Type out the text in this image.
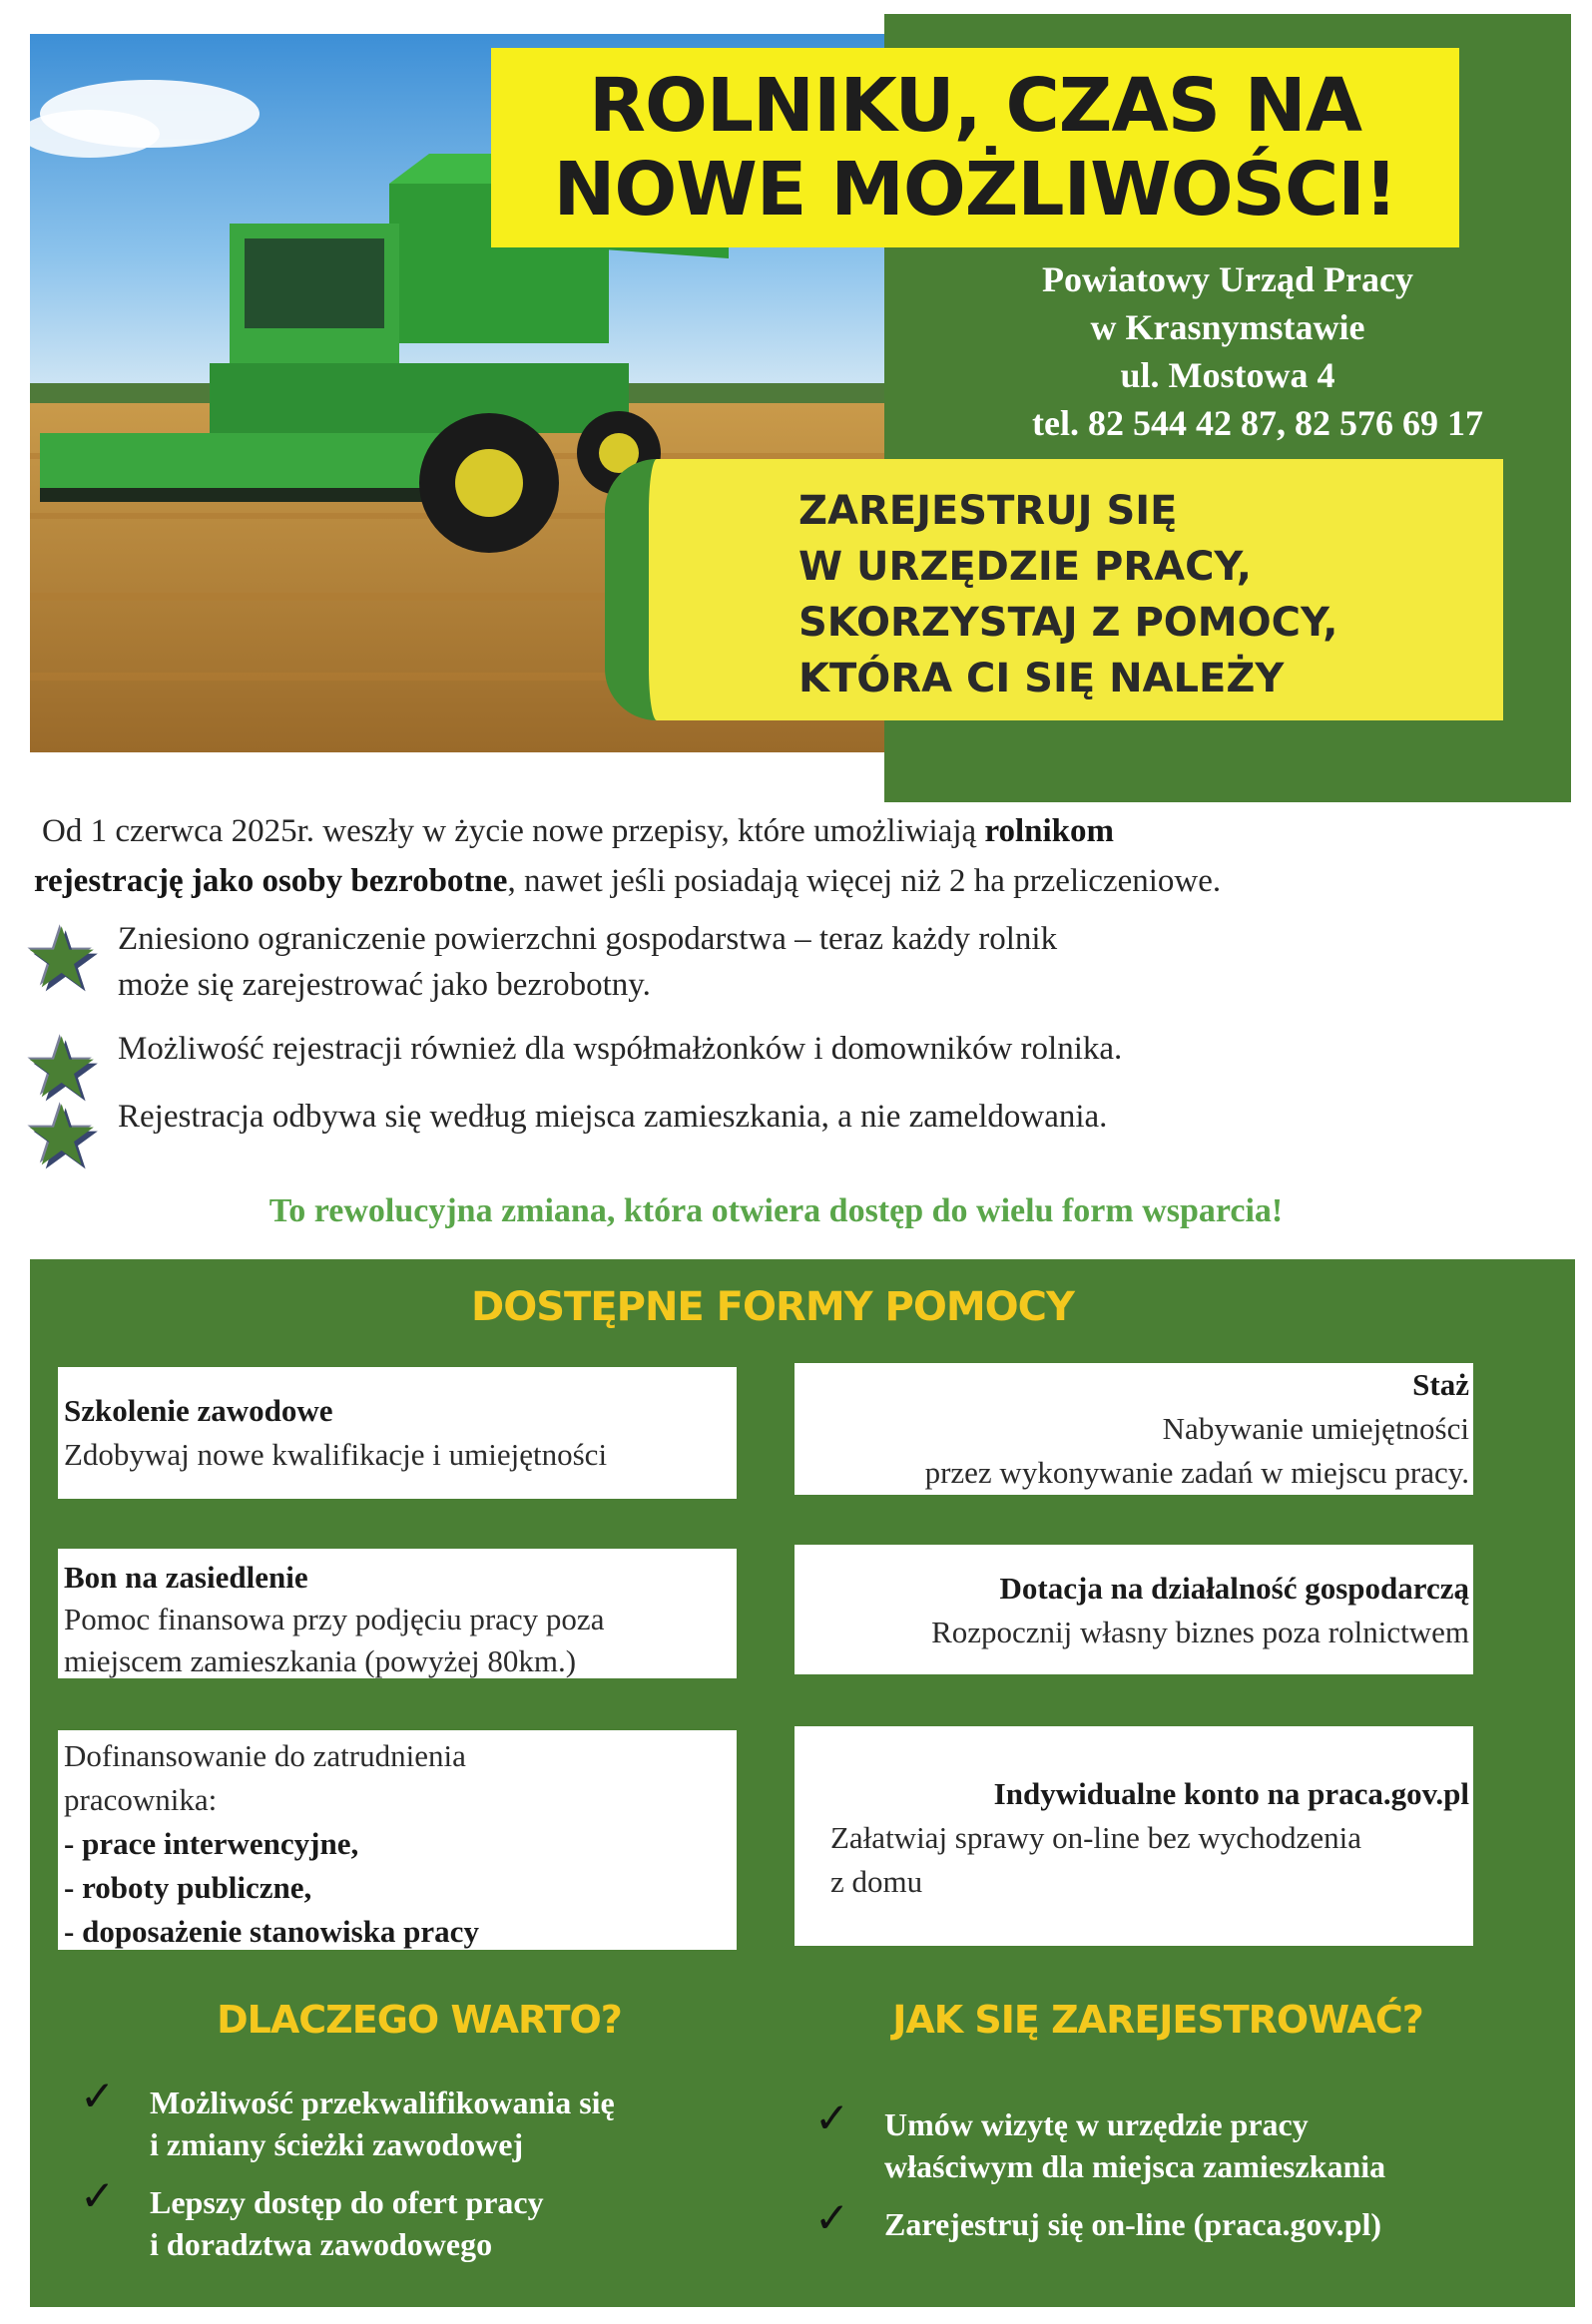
ROLNIKU, CZAS NA
NOWE MOŻLIWOŚCI!
Powiatowy Urząd Pracy
w Krasnymstawie
ul. Mostowa 4
tel. 82 544 42 87, 82 576 69 17
ZAREJESTRUJ SIĘ
W URZĘDZIE PRACY,
SKORZYSTAJ Z POMOCY,
KTÓRA CI SIĘ NALEŻY
Od 1 czerwca 2025r. weszły w życie nowe przepisy, które umożliwiają rolnikom
rejestrację jako osoby bezrobotne, nawet jeśli posiadają więcej niż 2 ha przeliczeniowe.
★ Zniesiono ograniczenie powierzchni gospodarstwa – teraz każdy rolnik
może się zarejestrować jako bezrobotny.
★ Możliwość rejestracji również dla współmałżonków i domowników rolnika.
★ Rejestracja odbywa się według miejsca zamieszkania, a nie zameldowania.
To rewolucyjna zmiana, która otwiera dostęp do wielu form wsparcia!
DOSTĘPNE FORMY POMOCY
Szkolenie zawodowe
Zdobywaj nowe kwalifikacje i umiejętności
Staż
Nabywanie umiejętności
przez wykonywanie zadań w miejscu pracy.
Bon na zasiedlenie
Pomoc finansowa przy podjęciu pracy poza
miejscem zamieszkania (powyżej 80km.)
Dotacja na działalność gospodarczą
Rozpocznij własny biznes poza rolnictwem
Dofinansowanie do zatrudnienia
pracownika:
- prace interwencyjne,
- roboty publiczne,
- doposażenie stanowiska pracy
Indywidualne konto na praca.gov.pl
Załatwiaj sprawy on-line bez wychodzenia
z domu
DLACZEGO WARTO?	JAK SIĘ ZAREJESTROWAĆ?
✓ Możliwość przekwalifikowania się
i zmiany ścieżki zawodowej
✓ Lepszy dostęp do ofert pracy
i doradztwa zawodowego
✓ Umów wizytę w urzędzie pracy
właściwym dla miejsca zamieszkania
✓ Zarejestruj się on-line (praca.gov.pl)
